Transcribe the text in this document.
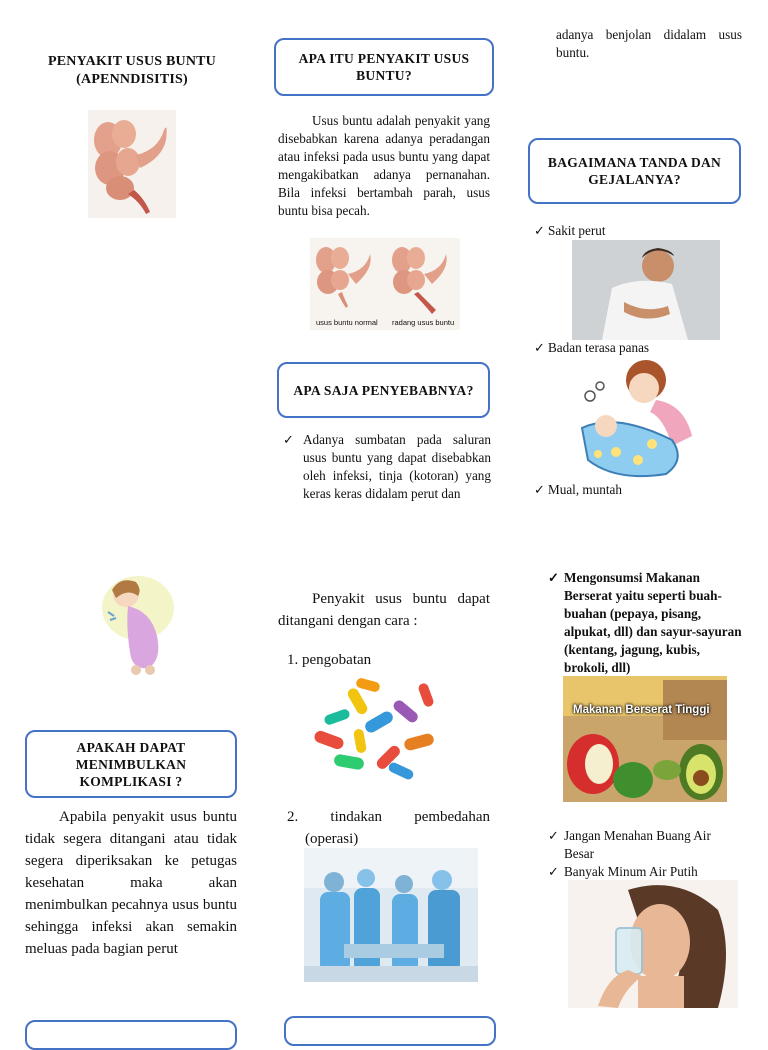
PENYAKIT USUS BUNTU
(APENNDISITIS)
APAKAH DAPAT MENIMBULKAN KOMPLIKASI ?
Apabila penyakit usus buntu tidak segera ditangani atau tidak segera diperiksakan ke petugas kesehatan maka akan menimbulkan pecahnya usus buntu sehingga infeksi akan semakin meluas pada bagian perut
APA ITU PENYAKIT USUS BUNTU?
Usus buntu adalah penyakit yang disebabkan karena adanya peradangan atau infeksi pada usus buntu yang dapat mengakibatkan adanya pernanahan. Bila infeksi bertambah parah, usus buntu bisa pecah.
usus buntu normal radang usus buntu
APA SAJA PENYEBABNYA?
✓ Adanya sumbatan pada saluran usus buntu yang dapat disebabkan oleh infeksi, tinja (kotoran) yang keras keras didalam perut dan
Penyakit usus buntu dapat ditangani dengan cara :
1. pengobatan
2. tindakan pembedahan (operasi)
adanya benjolan didalam usus buntu.
BAGAIMANA TANDA DAN GEJALANYA?
✓ Sakit perut
✓ Badan terasa panas
✓ Mual, muntah
✓ Mengonsumsi Makanan Berserat yaitu seperti buah-buahan (pepaya, pisang, alpukat, dll) dan sayur-sayuran (kentang, jagung, kubis, brokoli, dll)
Makanan Berserat Tinggi
✓ Jangan Menahan Buang Air Besar
✓ Banyak Minum Air Putih
